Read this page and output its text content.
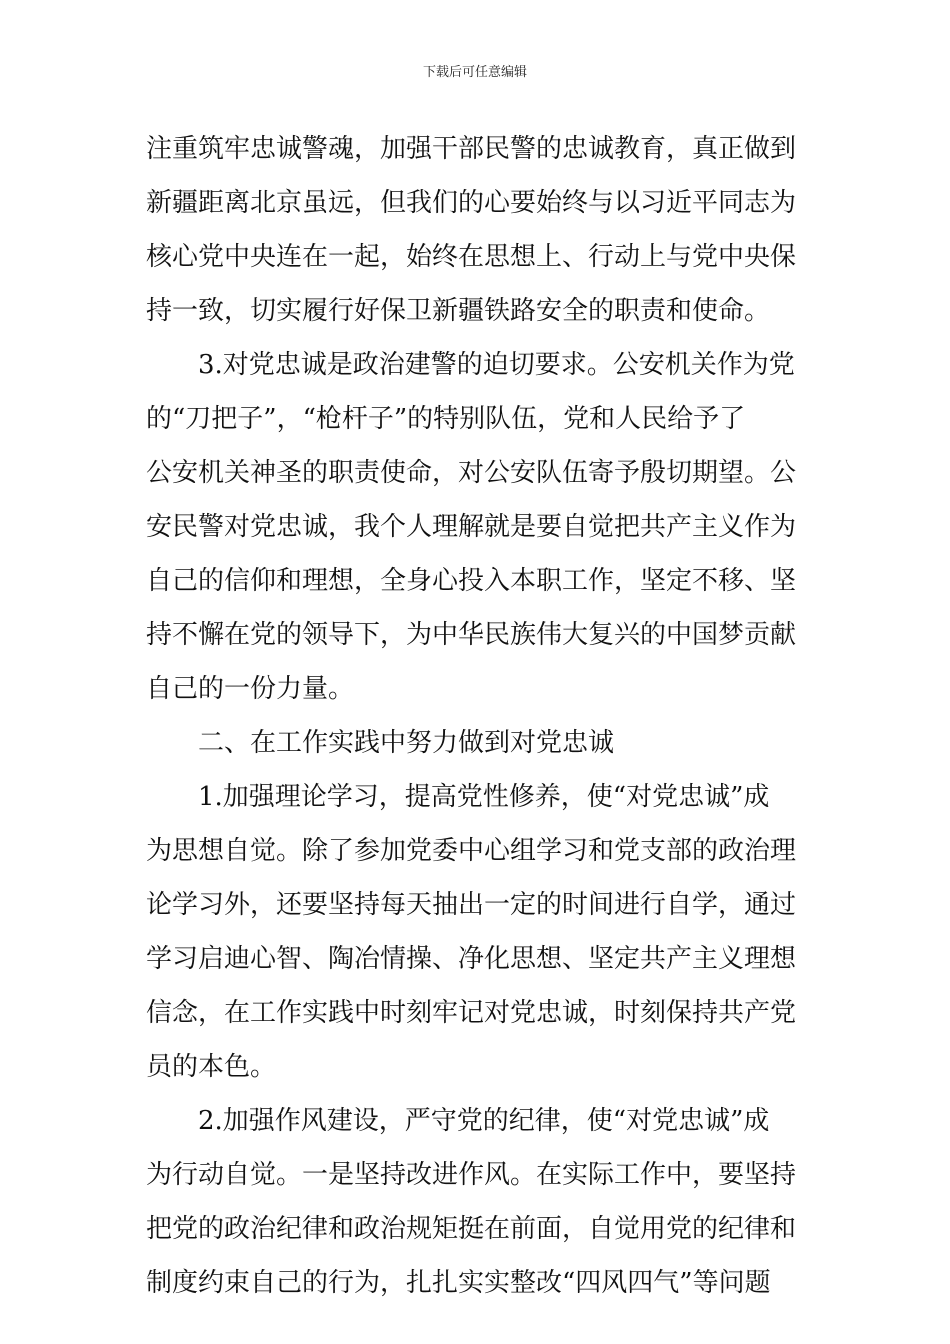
下载后可任意编辑
注重筑牢忠诚警魂，加强干部民警的忠诚教育，真正做到
新疆距离北京虽远，但我们的心要始终与以习近平同志为
核心党中央连在一起，始终在思想上、行动上与党中央保
持一致，切实履行好保卫新疆铁路安全的职责和使命。
3.对党忠诚是政治建警的迫切要求。公安机关作为党
的“刀把子”，“枪杆子”的特别队伍，党和人民给予了
公安机关神圣的职责使命，对公安队伍寄予殷切期望。公
安民警对党忠诚，我个人理解就是要自觉把共产主义作为
自己的信仰和理想，全身心投入本职工作，坚定不移、坚
持不懈在党的领导下，为中华民族伟大复兴的中国梦贡献
自己的一份力量。
二、在工作实践中努力做到对党忠诚
1.加强理论学习，提高党性修养，使“对党忠诚”成
为思想自觉。除了参加党委中心组学习和党支部的政治理
论学习外，还要坚持每天抽出一定的时间进行自学，通过
学习启迪心智、陶冶情操、净化思想、坚定共产主义理想
信念，在工作实践中时刻牢记对党忠诚，时刻保持共产党
员的本色。
2.加强作风建设，严守党的纪律，使“对党忠诚”成
为行动自觉。一是坚持改进作风。在实际工作中，要坚持
把党的政治纪律和政治规矩挺在前面，自觉用党的纪律和
制度约束自己的行为，扎扎实实整改“四风四气”等问题
